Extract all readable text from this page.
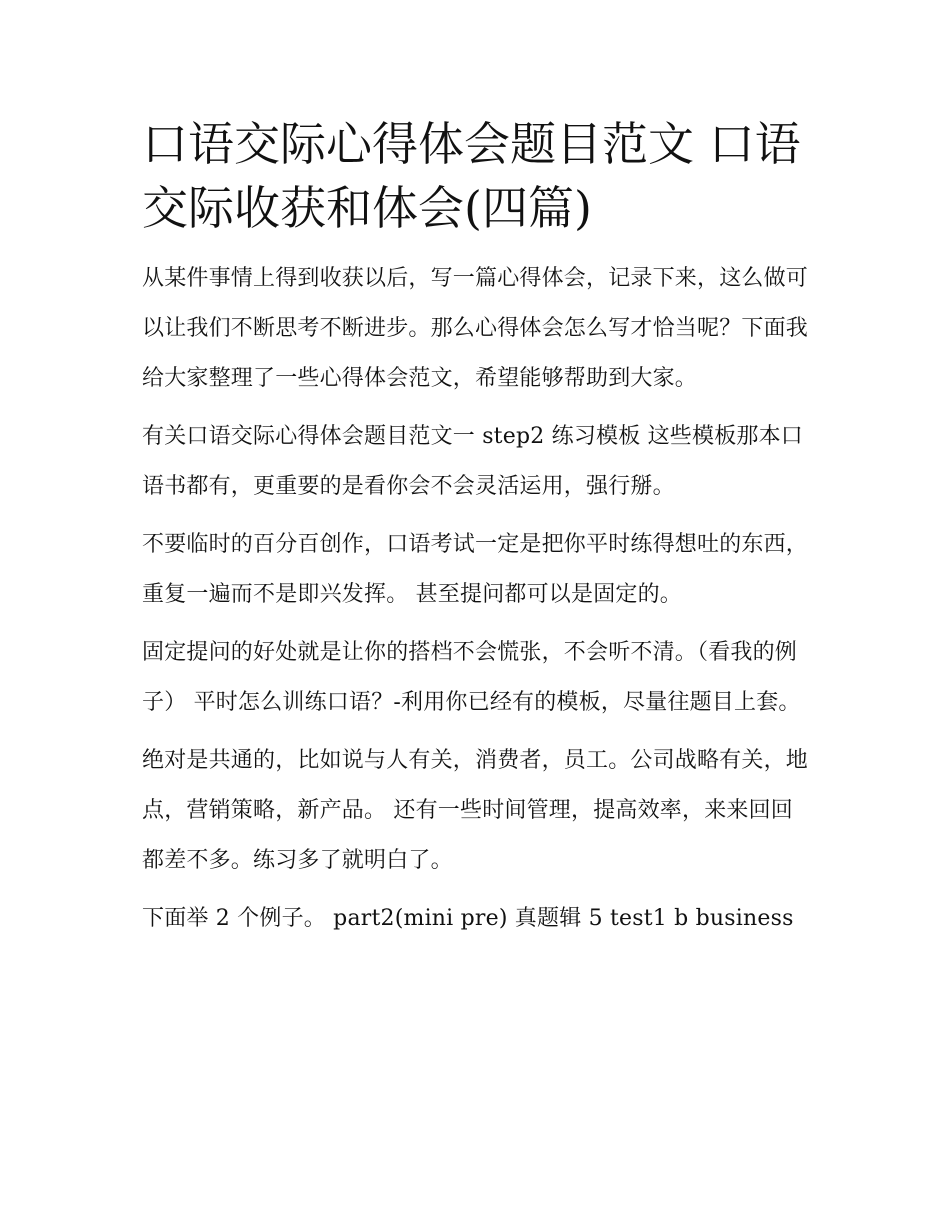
口语交际心得体会题目范文 口语交际收获和体会(四篇)

从某件事情上得到收获以后，写一篇心得体会，记录下来，这么做可以让我们不断思考不断进步。那么心得体会怎么写才恰当呢？下面我给大家整理了一些心得体会范文，希望能够帮助到大家。

有关口语交际心得体会题目范文一 step2 练习模板 这些模板那本口语书都有，更重要的是看你会不会灵活运用，强行掰。

不要临时的百分百创作，口语考试一定是把你平时练得想吐的东西，重复一遍而不是即兴发挥。 甚至提问都可以是固定的。

固定提问的好处就是让你的搭档不会慌张，不会听不清。（看我的例子） 平时怎么训练口语？-利用你已经有的模板，尽量往题目上套。

绝对是共通的，比如说与人有关，消费者，员工。公司战略有关，地点，营销策略，新产品。 还有一些时间管理，提高效率，来来回回都差不多。练习多了就明白了。

下面举 2 个例子。 part2(mini pre) 真题辑 5 test1 b business
